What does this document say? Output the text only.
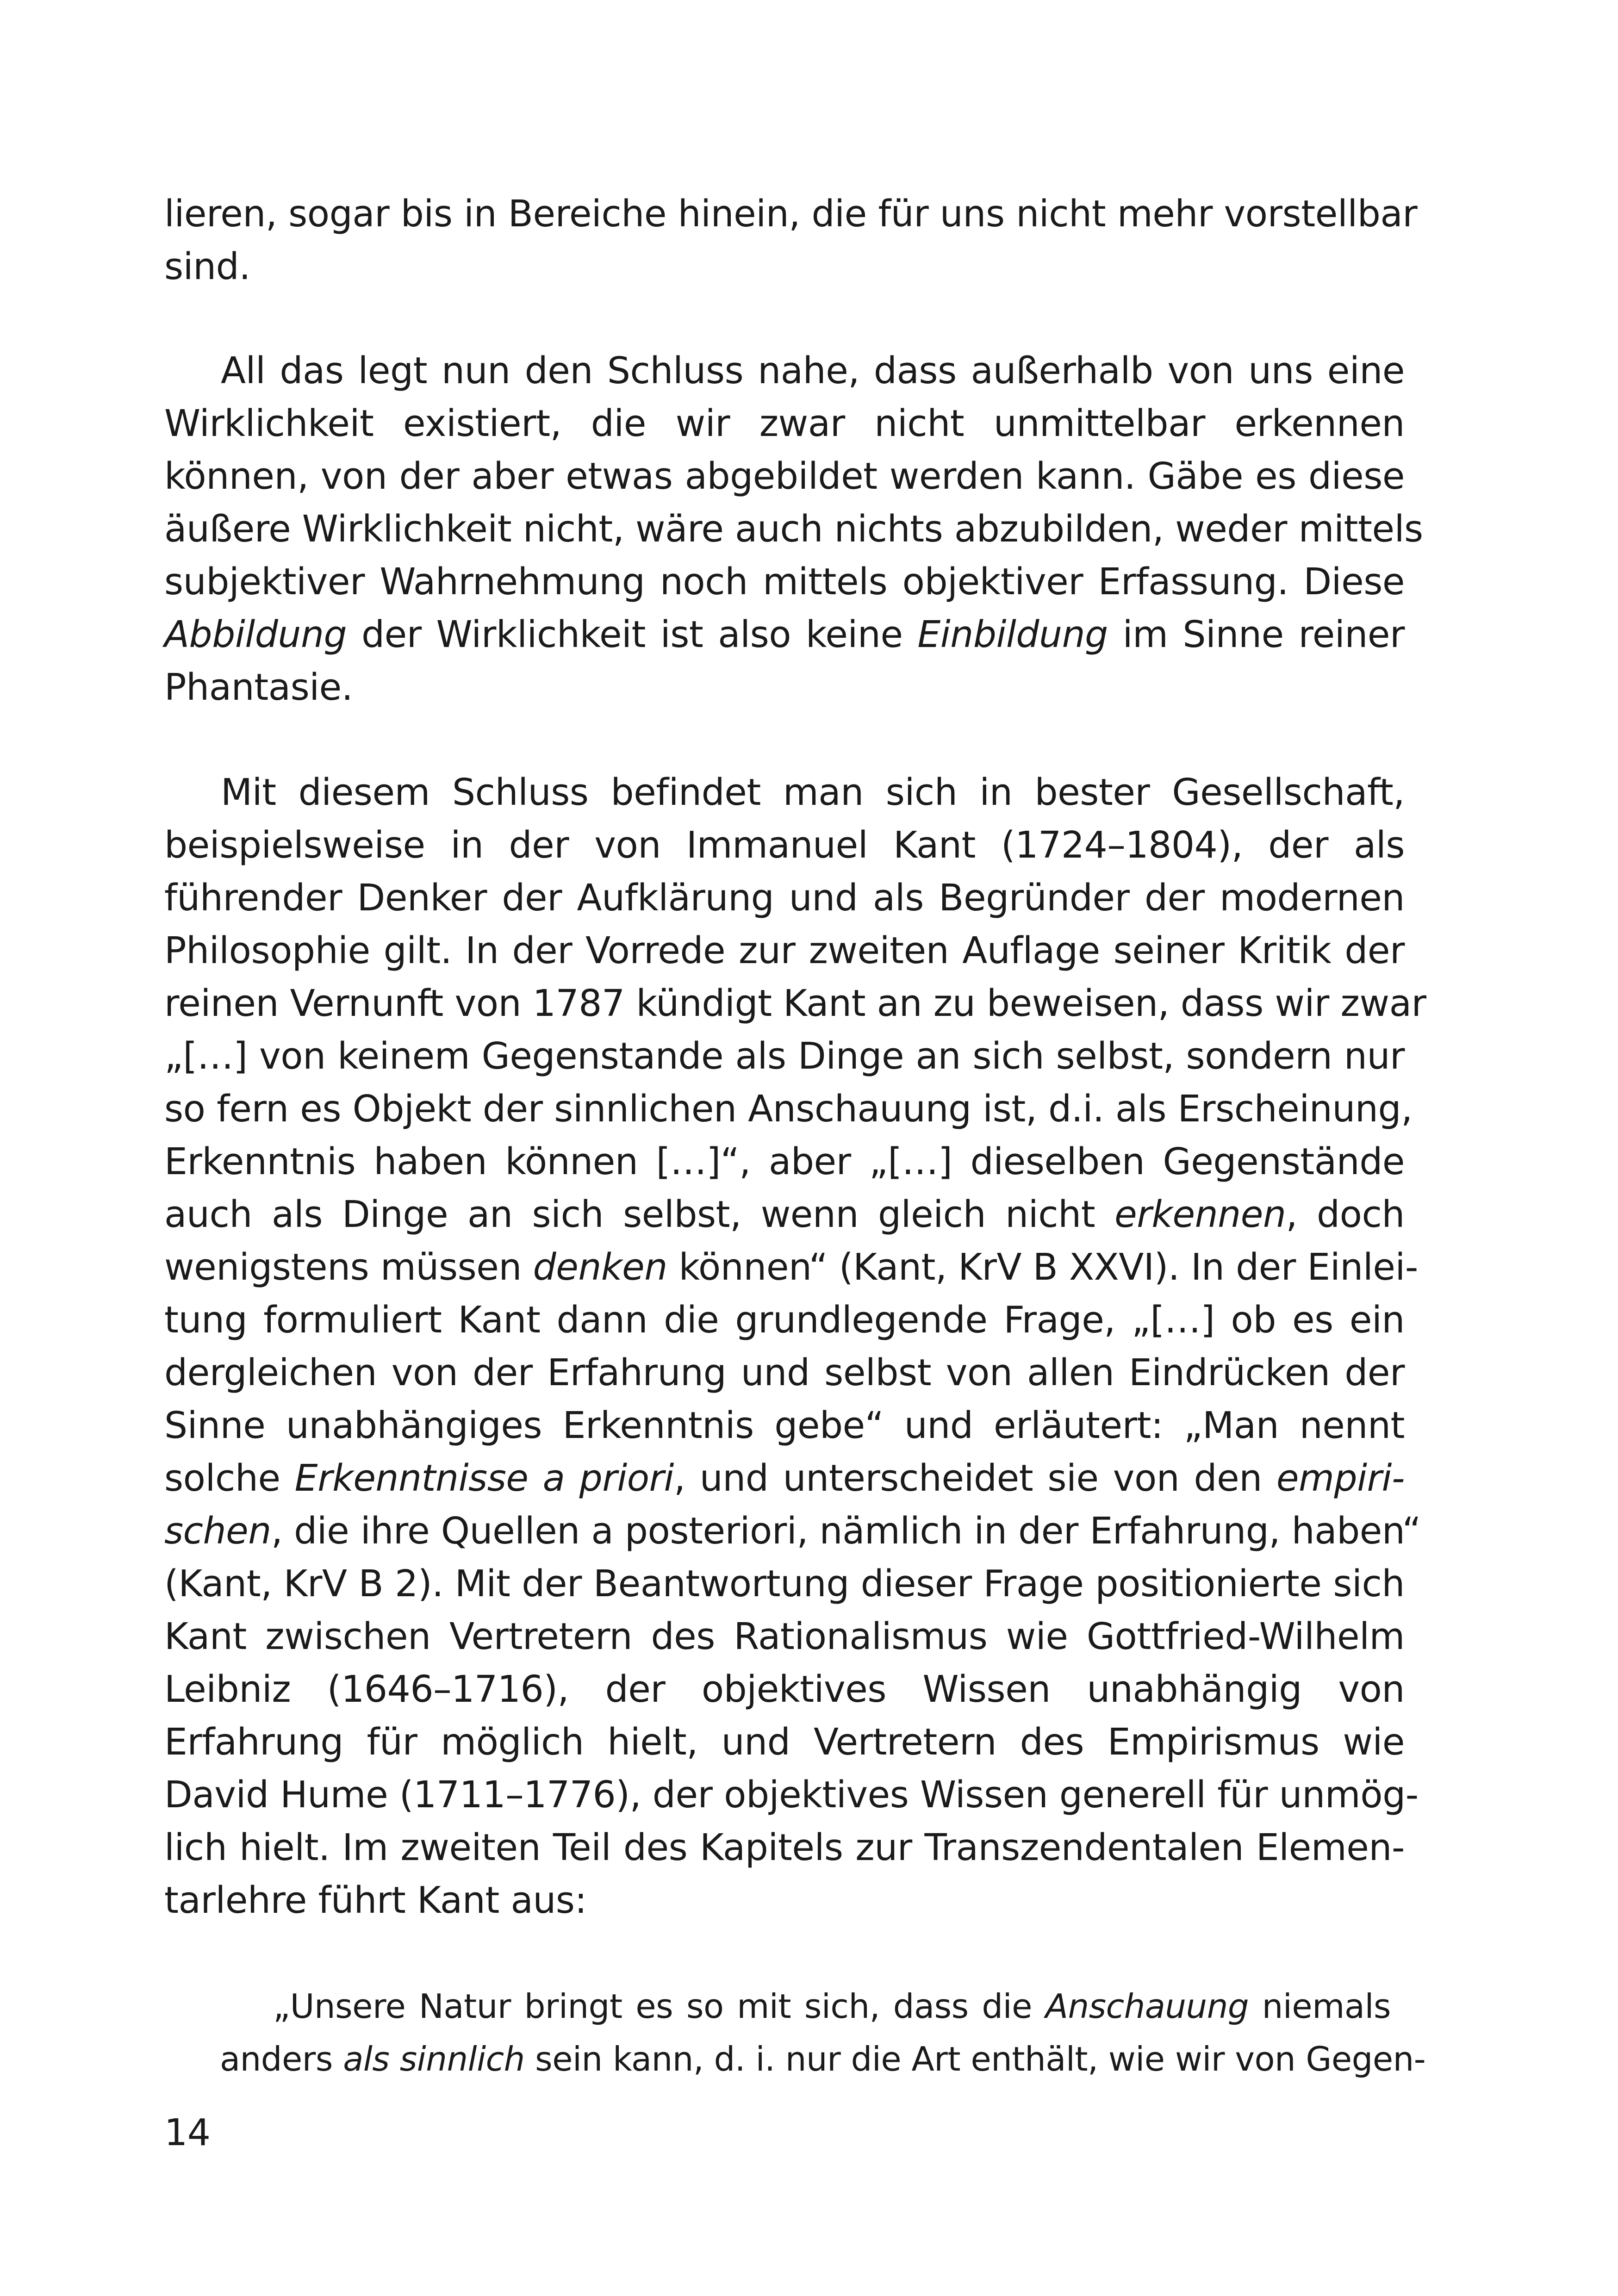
lieren, sogar bis in Bereiche hinein, die für uns nicht mehr vorstellbar
sind.

All das legt nun den Schluss nahe, dass außerhalb von uns eine
Wirklichkeit existiert, die wir zwar nicht unmittelbar erkennen
können, von der aber etwas abgebildet werden kann. Gäbe es diese
äußere Wirklichkeit nicht, wäre auch nichts abzubilden, weder mittels
subjektiver Wahrnehmung noch mittels objektiver Erfassung. Diese
Abbildung der Wirklichkeit ist also keine Einbildung im Sinne reiner
Phantasie.

Mit diesem Schluss befindet man sich in bester Gesellschaft,
beispielsweise in der von Immanuel Kant (1724–1804), der als
führender Denker der Aufklärung und als Begründer der modernen
Philosophie gilt. In der Vorrede zur zweiten Auflage seiner Kritik der
reinen Vernunft von 1787 kündigt Kant an zu beweisen, dass wir zwar
„[…] von keinem Gegenstande als Dinge an sich selbst, sondern nur
so fern es Objekt der sinnlichen Anschauung ist, d.i. als Erscheinung,
Erkenntnis haben können […]“, aber „[…] dieselben Gegenstände
auch als Dinge an sich selbst, wenn gleich nicht erkennen, doch
wenigstens müssen denken können“ (Kant, KrV B XXVI). In der Einlei-
tung formuliert Kant dann die grundlegende Frage, „[…] ob es ein
dergleichen von der Erfahrung und selbst von allen Eindrücken der
Sinne unabhängiges Erkenntnis gebe“ und erläutert: „Man nennt
solche Erkenntnisse a priori, und unterscheidet sie von den empiri-
schen, die ihre Quellen a posteriori, nämlich in der Erfahrung, haben“
(Kant, KrV B 2). Mit der Beantwortung dieser Frage positionierte sich
Kant zwischen Vertretern des Rationalismus wie Gottfried-Wilhelm
Leibniz (1646–1716), der objektives Wissen unabhängig von
Erfahrung für möglich hielt, und Vertretern des Empirismus wie
David Hume (1711–1776), der objektives Wissen generell für unmög-
lich hielt. Im zweiten Teil des Kapitels zur Transzendentalen Elemen-
tarlehre führt Kant aus:

„Unsere Natur bringt es so mit sich, dass die Anschauung niemals
anders als sinnlich sein kann, d. i. nur die Art enthält, wie wir von Gegen-
14
